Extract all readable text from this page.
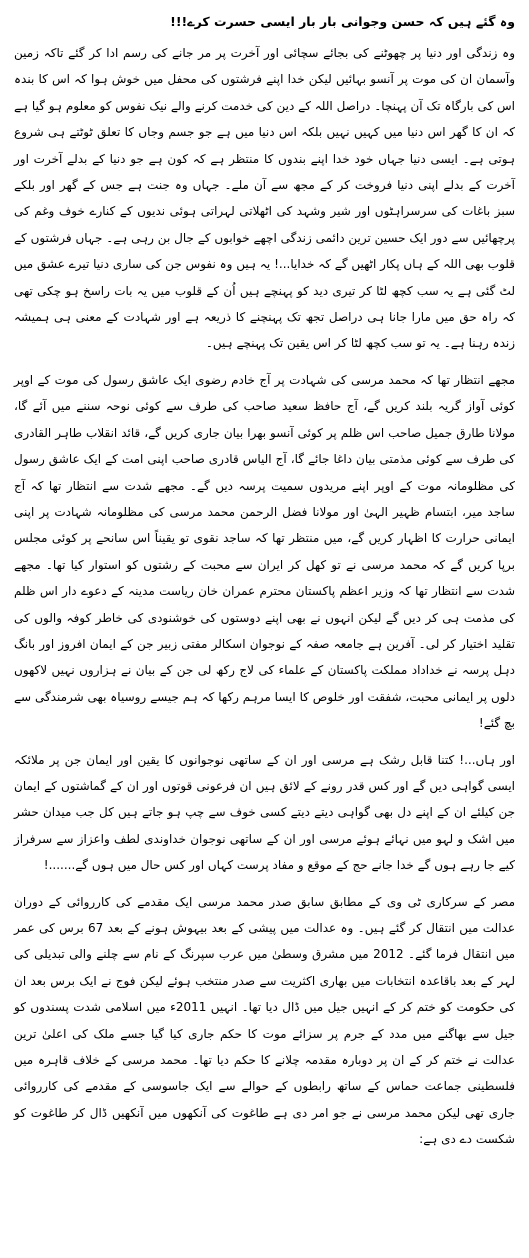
وہ گئے ہیں کہ حسن وجوانی بار بار ایسی حسرت کرے!!!

وہ زندگی اور دنیا پر چھوٹنے کی بجائے سچائی اور آخرت پر مر جانے کی رسم ادا کر گئے تاکہ زمین وآسمان ان کی موت پر آنسو بہائیں لیکن خدا اپنے فرشتوں کی محفل میں خوش ہوا کہ اس کا بندہ اس کی بارگاہ تک آن پہنچا۔ دراصل اللہ کے دین کی خدمت کرنے والے نیک نفوس کو معلوم ہو گیا ہے کہ ان کا گھر اس دنیا میں کہیں نہیں بلکہ اس دنیا میں ہے جو جسم وجاں کا تعلق ٹوٹتے ہی شروع ہوتی ہے۔ ایسی دنیا جہاں خود خدا اپنے بندوں کا منتظر ہے کہ کون ہے جو دنیا کے بدلے آخرت اور آخرت کے بدلے اپنی دنیا فروخت کر کے مجھ سے آن ملے۔ جہاں وہ جنت ہے جس کے گھر اور بلکے سبز باغات کی سرسراہٹوں اور شیر وشہد کی اٹھلاتی لہراتی ہوئی ندیوں کے کنارے خوف وغم کی پرچھائیں سے دور ایک حسین ترین دائمی زندگی اچھے خوابوں کے جال بن رہی ہے۔ جہاں فرشتوں کے قلوب بھی اللہ کے ہاں پکار اٹھیں گے کہ خدایا...! یہ ہیں وہ نفوس جن کی ساری دنیا تیرے عشق میں لٹ گئی ہے یہ سب کچھ لٹا کر تیری دید کو پہنچے ہیں اُن کے قلوب میں یہ بات راسخ ہو چکی تھی کہ راہ حق میں مارا جانا ہی دراصل تجھ تک پہنچنے کا ذریعہ ہے اور شہادت کے معنی ہی ہمیشہ زندہ رہنا ہے۔ یہ تو سب کچھ لٹا کر اس یقین تک پہنچے ہیں۔

مجھے انتظار تھا کہ محمد مرسی کی شہادت پر آج خادم رضوی ایک عاشق رسول کی موت کے اوپر کوئی آواز گریہ بلند کریں گے، آج حافظ سعید صاحب کی طرف سے کوئی نوحہ سننے میں آئے گا، مولانا طارق جمیل صاحب اس ظلم پر کوئی آنسو بھرا بیان جاری کریں گے، قائد انقلاب طاہر القادری کی طرف سے کوئی مذمتی بیان داغا جائے گا، آج الیاس قادری صاحب اپنی امت کے ایک عاشق رسول کی مظلومانہ موت کے اوپر اپنے مریدوں سمیت پرسہ دیں گے۔ مجھے شدت سے انتظار تھا کہ آج ساجد میر، ابتسام ظہیر الہیٰ اور مولانا فضل الرحمن محمد مرسی کی مظلومانہ شہادت پر اپنی ایمانی حرارت کا اظہار کریں گے، میں منتظر تھا کہ ساجد نقوی تو یقیناً اس سانحے پر کوئی مجلس برپا کریں گے کہ محمد مرسی نے تو کھل کر ایران سے محبت کے رشتوں کو استوار کیا تھا۔ مجھے شدت سے انتظار تھا کہ وزیر اعظم پاکستان محترم عمران خان ریاست مدینہ کے دعوے دار اس ظلم کی مذمت ہی کر دیں گے لیکن انہوں نے بھی اپنے دوستوں کی خوشنودی کی خاطر کوفہ والوں کی تقلید اختیار کر لی۔ آفرین ہے جامعہ صفہ کے نوجوان اسکالر مفتی زبیر جن کے ایمان افروز اور بانگ دہل پرسہ نے خداداد مملکت پاکستان کے علماء کی لاج رکھ لی جن کے بیان نے ہزاروں نہیں لاکھوں دلوں پر ایمانی محبت، شفقت اور خلوص کا ایسا مرہم رکھا کہ ہم جیسے روسیاہ بھی شرمندگی سے بچ گئے!

اور ہاں...! کتنا قابل رشک ہے مرسی اور ان کے ساتھی نوجوانوں کا یقین اور ایمان جن پر ملائکہ ایسی گواہی دیں گے اور کس قدر رونے کے لائق ہیں ان فرعونی قوتوں اور ان کے گماشتوں کے ایمان جن کیلئے ان کے اپنے دل بھی گواہی دیتے دیتے کسی خوف سے چپ ہو جاتے ہیں کل جب میدان حشر میں اشک و لہو میں نہائے ہوئے مرسی اور ان کے ساتھی نوجوان خداوندی لطف واعزاز سے سرفراز کیے جا رہے ہوں گے خدا جانے حج کے موقع و مفاد پرست کہاں اور کس حال میں ہوں گے.......!

مصر کے سرکاری ٹی وی کے مطابق سابق صدر محمد مرسی ایک مقدمے کی کارروائی کے دوران عدالت میں انتقال کر گئے ہیں۔ وہ عدالت میں پیشی کے بعد بیہوش ہونے کے بعد 67 برس کی عمر میں انتقال فرما گئے۔ 2012 میں مشرق وسطیٰ میں عرب سپرنگ کے نام سے چلنے والی تبدیلی کی لہر کے بعد باقاعدہ انتخابات میں بھاری اکثریت سے صدر منتخب ہوئے لیکن فوج نے ایک برس بعد ان کی حکومت کو ختم کر کے انہیں جیل میں ڈال دیا تھا۔ انہیں 2011ء میں اسلامی شدت پسندوں کو جیل سے بھاگنے میں مدد کے جرم پر سزائے موت کا حکم جاری کیا گیا جسے ملک کی اعلیٰ ترین عدالت نے ختم کر کے ان پر دوبارہ مقدمہ چلانے کا حکم دیا تھا۔ محمد مرسی کے خلاف قاہرہ میں فلسطینی جماعت حماس کے ساتھ رابطوں کے حوالے سے ایک جاسوسی کے مقدمے کی کارروائی جاری تھی لیکن محمد مرسی نے جو امر دی ہے طاغوت کی آنکھوں میں آنکھیں ڈال کر طاغوت کو شکست دے دی ہے:
